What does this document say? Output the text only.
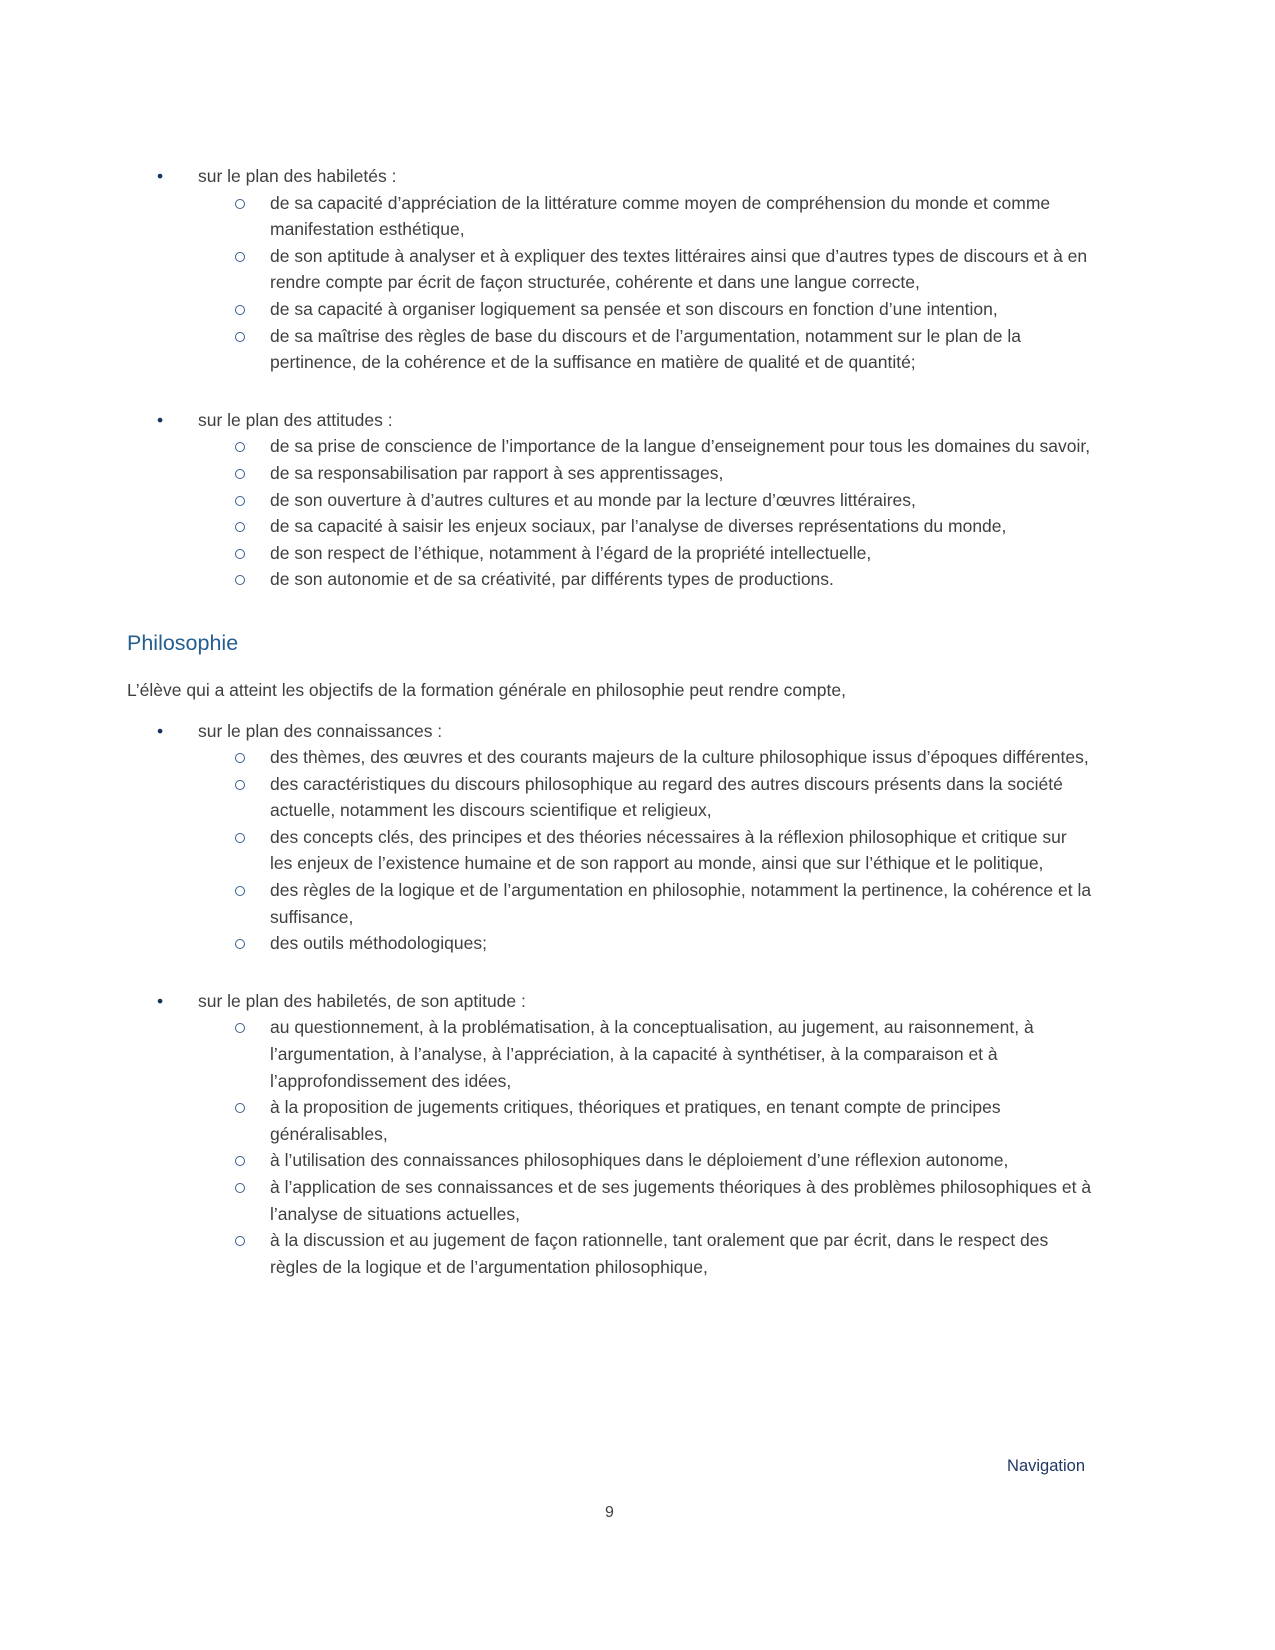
•	sur le plan des habiletés :
de sa capacité d’appréciation de la littérature comme moyen de compréhension du monde et comme manifestation esthétique,
de son aptitude à analyser et à expliquer des textes littéraires ainsi que d’autres types de discours et à en rendre compte par écrit de façon structurée, cohérente et dans une langue correcte,
de sa capacité à organiser logiquement sa pensée et son discours en fonction d’une intention,
de sa maîtrise des règles de base du discours et de l’argumentation, notamment sur le plan de la pertinence, de la cohérence et de la suffisance en matière de qualité et de quantité;
•	sur le plan des attitudes :
de sa prise de conscience de l’importance de la langue d’enseignement pour tous les domaines du savoir,
de sa responsabilisation par rapport à ses apprentissages,
de son ouverture à d’autres cultures et au monde par la lecture d’œuvres littéraires,
de sa capacité à saisir les enjeux sociaux, par l’analyse de diverses représentations du monde,
de son respect de l’éthique, notamment à l’égard de la propriété intellectuelle,
de son autonomie et de sa créativité, par différents types de productions.
Philosophie

L’élève qui a atteint les objectifs de la formation générale en philosophie peut rendre compte,

•	sur le plan des connaissances :
des thèmes, des œuvres et des courants majeurs de la culture philosophique issus d’époques différentes,
des caractéristiques du discours philosophique au regard des autres discours présents dans la société actuelle, notamment les discours scientifique et religieux,
des concepts clés, des principes et des théories nécessaires à la réflexion philosophique et critique sur les enjeux de l’existence humaine et de son rapport au monde, ainsi que sur l’éthique et le politique,
des règles de la logique et de l’argumentation en philosophie, notamment la pertinence, la cohérence et la suffisance,
des outils méthodologiques;
•	sur le plan des habiletés, de son aptitude :
au questionnement, à la problématisation, à la conceptualisation, au jugement, au raisonnement, à l’argumentation, à l’analyse, à l’appréciation, à la capacité à synthétiser, à la comparaison et à l’approfondissement des idées,
à la proposition de jugements critiques, théoriques et pratiques, en tenant compte de principes généralisables,
à l’utilisation des connaissances philosophiques dans le déploiement d’une réflexion autonome,
à l’application de ses connaissances et de ses jugements théoriques à des problèmes philosophiques et à l’analyse de situations actuelles,
à la discussion et au jugement de façon rationnelle, tant oralement que par écrit, dans le respect des règles de la logique et de l’argumentation philosophique,
Navigation
9
